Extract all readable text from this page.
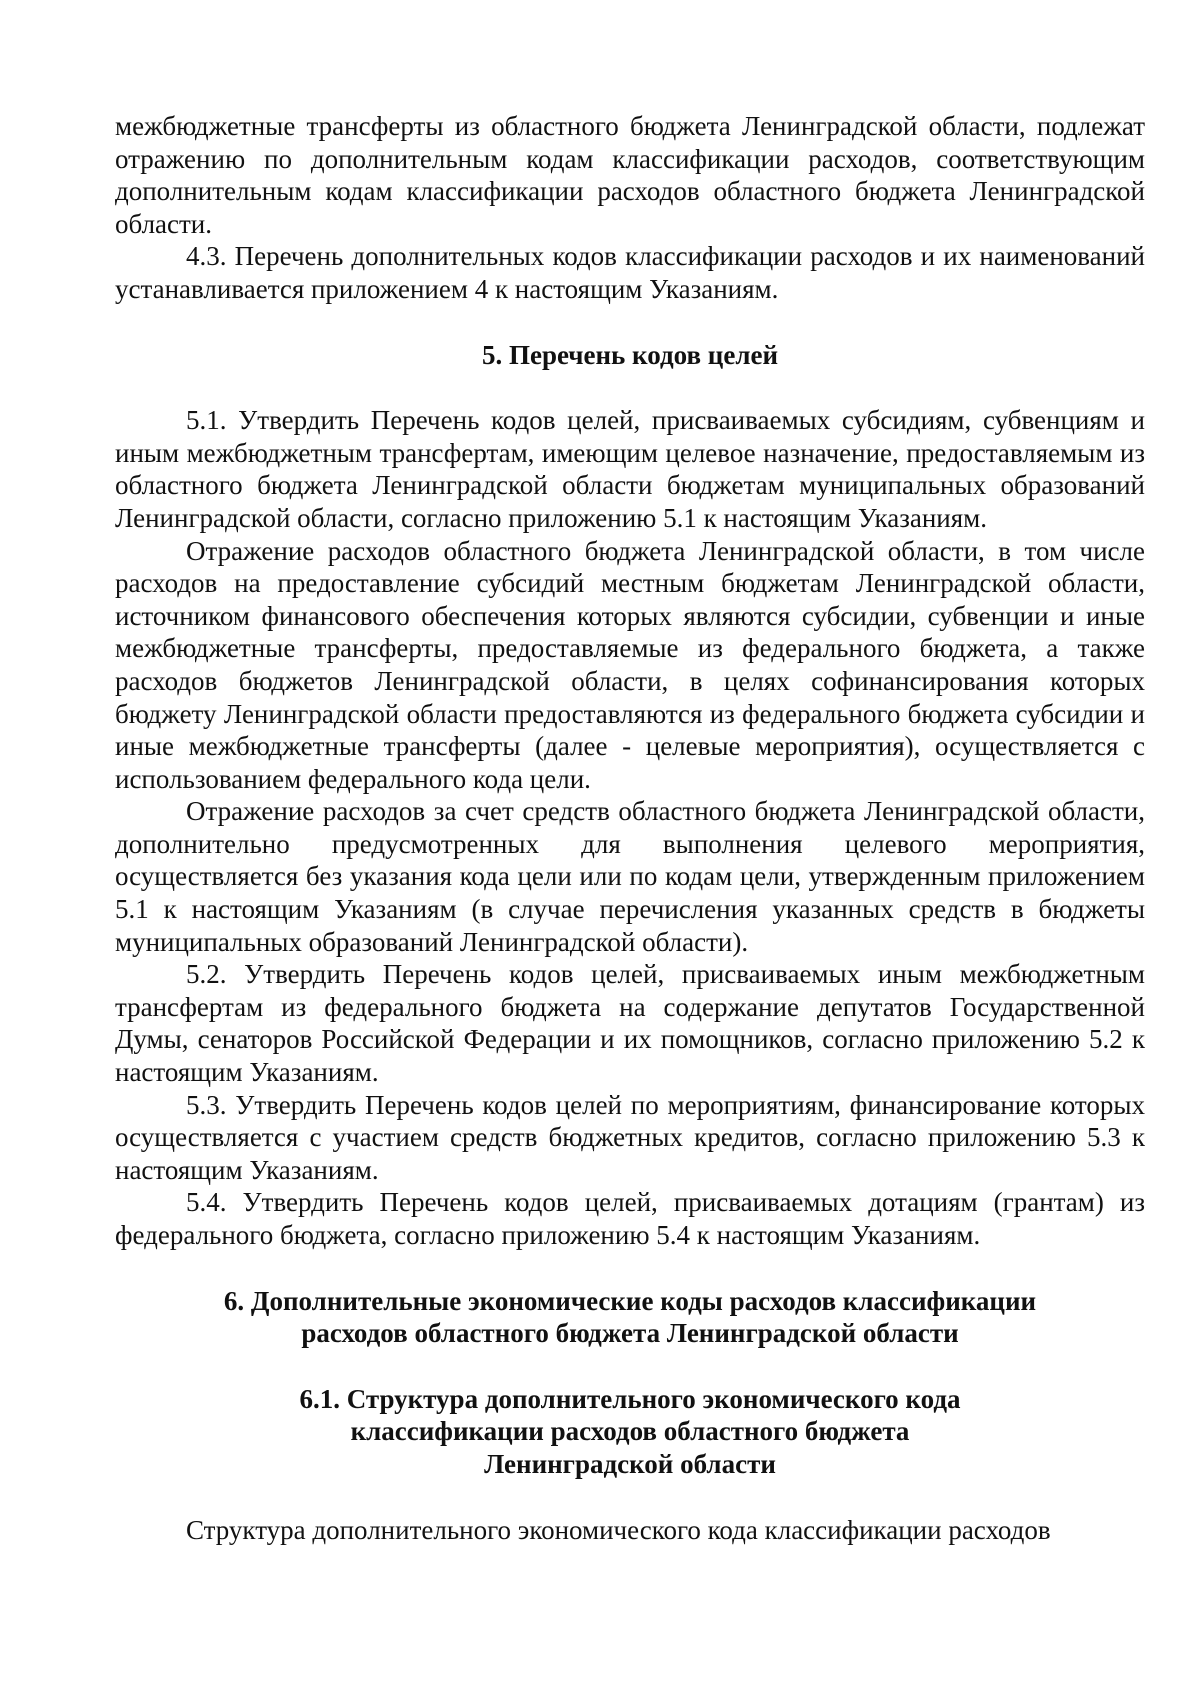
межбюджетные трансферты из областного бюджета Ленинградской области, подлежат отражению по дополнительным кодам классификации расходов, соответствующим дополнительным кодам классификации расходов областного бюджета Ленинградской области.

4.3. Перечень дополнительных кодов классификации расходов и их наименований устанавливается приложением 4 к настоящим Указаниям.

5. Перечень кодов целей

5.1. Утвердить Перечень кодов целей, присваиваемых субсидиям, субвенциям и иным межбюджетным трансфертам, имеющим целевое назначение, предоставляемым из областного бюджета Ленинградской области бюджетам муниципальных образований Ленинградской области, согласно приложению 5.1 к настоящим Указаниям.

Отражение расходов областного бюджета Ленинградской области, в том числе расходов на предоставление субсидий местным бюджетам Ленинградской области, источником финансового обеспечения которых являются субсидии, субвенции и иные межбюджетные трансферты, предоставляемые из федерального бюджета, а также расходов бюджетов Ленинградской области, в целях софинансирования которых бюджету Ленинградской области предоставляются из федерального бюджета субсидии и иные межбюджетные трансферты (далее - целевые мероприятия), осуществляется с использованием федерального кода цели.

Отражение расходов за счет средств областного бюджета Ленинградской области, дополнительно предусмотренных для выполнения целевого мероприятия, осуществляется без указания кода цели или по кодам цели, утвержденным приложением 5.1 к настоящим Указаниям (в случае перечисления указанных средств в бюджеты муниципальных образований Ленинградской области).

5.2. Утвердить Перечень кодов целей, присваиваемых иным межбюджетным трансфертам из федерального бюджета на содержание депутатов Государственной Думы, сенаторов Российской Федерации и их помощников, согласно приложению 5.2 к настоящим Указаниям.

5.3. Утвердить Перечень кодов целей по мероприятиям, финансирование которых осуществляется с участием средств бюджетных кредитов, согласно приложению 5.3 к настоящим Указаниям.

5.4. Утвердить Перечень кодов целей, присваиваемых дотациям (грантам) из федерального бюджета, согласно приложению 5.4 к настоящим Указаниям.

6. Дополнительные экономические коды расходов классификации
расходов областного бюджета Ленинградской области
6.1. Структура дополнительного экономического кода
классификации расходов областного бюджета
Ленинградской области

Структура дополнительного экономического кода классификации расходов
